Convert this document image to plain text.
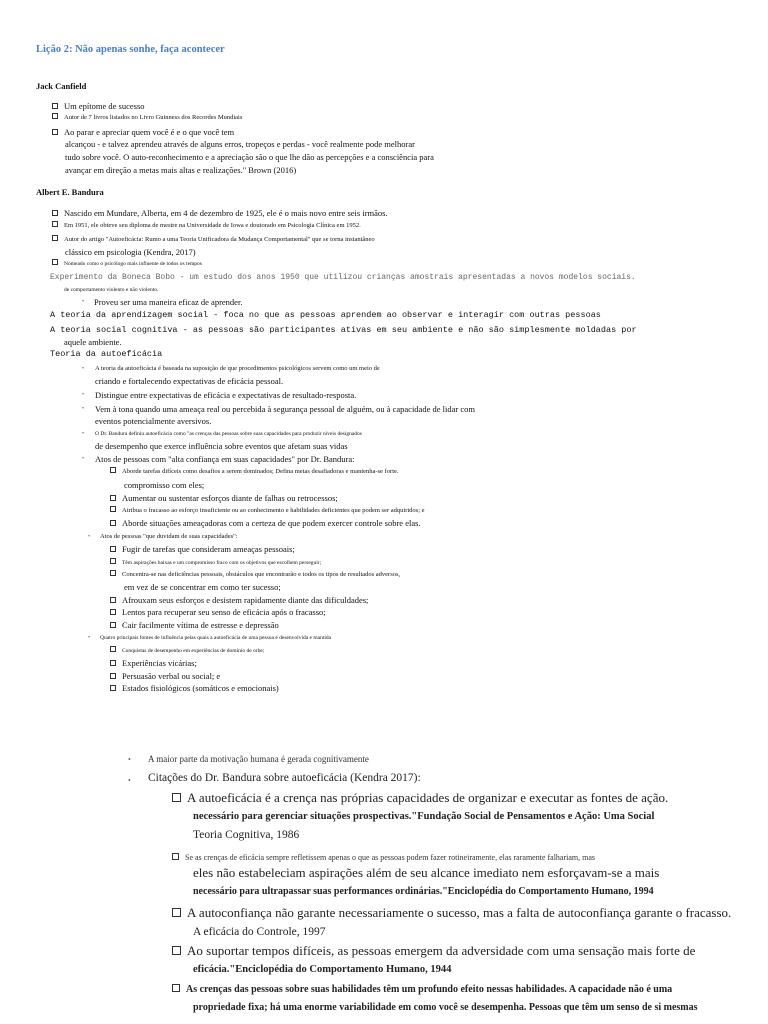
Lição 2: Não apenas sonhe, faça acontecer
Jack Canfield
Um epítome de sucesso
Autor de 7 livros listados no Livro Guinness dos Recordes Mundiais
Ao parar e apreciar quem você é e o que você tem
alcançou - e talvez aprendeu através de alguns erros, tropeços e perdas - você realmente pode melhorar
tudo sobre você. O auto-reconhecimento e a apreciação são o que lhe dão as percepções e a consciência para
avançar em direção a metas mais altas e realizações." Brown (2016)
Albert E. Bandura
Nascido em Mundare, Alberta, em 4 de dezembro de 1925, ele é o mais novo entre seis irmãos.
Em 1951, ele obteve seu diploma de mestre na Universidade de Iowa e doutorado em Psicologia Clínica em 1952.
Autor do artigo "Autoeficácia: Rumo a uma Teoria Unificadora da Mudança Comportamental" que se torna instantâneo
clássico em psicologia (Kendra, 2017)
Nomeado como o psicólogo mais influente de todos os tempos
Experimento da Boneca Bobo - um estudo dos anos 1950 que utilizou crianças amostrais apresentadas a novos modelos sociais.
de comportamento violento e não violento.
• Proveu ser uma maneira eficaz de aprender.
A teoria da aprendizagem social - foca no que as pessoas aprendem ao observar e interagir com outras pessoas
A teoria social cognitiva - as pessoas são participantes ativas em seu ambiente e não são simplesmente moldadas por
aquele ambiente.
Teoria da autoeficácia
• A teoria da autoeficácia é baseada na suposição de que procedimentos psicológicos servem como um meio de
criando e fortalecendo expectativas de eficácia pessoal.
• Distingue entre expectativas de eficácia e expectativas de resultado-resposta.
• Vem à tona quando uma ameaça real ou percebida à segurança pessoal de alguém, ou à capacidade de lidar com
eventos potencialmente aversivos.
• O Dr. Bandura definiu autoeficácia como "as crenças das pessoas sobre suas capacidades para produzir níveis designados
de desempenho que exerce influência sobre eventos que afetam suas vidas
• Atos de pessoas com "alta confiança em suas capacidades" por Dr. Bandura:
Aborde tarefas difíceis como desafios a serem dominados; Defina metas desafiadoras e mantenha-se forte.
compromisso com eles;
Aumentar ou sustentar esforços diante de falhas ou retrocessos;
Atribua o fracasso ao esforço insuficiente ou ao conhecimento e habilidades deficientes que podem ser adquiridos; e
Aborde situações ameaçadoras com a certeza de que podem exercer controle sobre elas.
• Atos de pessoas "que duvidam de suas capacidades":
Fugir de tarefas que consideram ameaças pessoais;
Têm aspirações baixas e um compromisso fraco com os objetivos que escolhem perseguir;
Concentra-se nas deficiências pessoais, obstáculos que encontrarão e todos os tipos de resultados adversos,
em vez de se concentrar em como ter sucesso;
Afrouxam seus esforços e desistem rapidamente diante das dificuldades;
Lentos para recuperar seu senso de eficácia após o fracasso;
Cair facilmente vítima de estresse e depressão
• Quatro principais fontes de influência pelas quais a autoeficácia de uma pessoa é desenvolvida e mantida
Conquistas de desempenho em experiências de domínio de orbe;
Experiências vicárias;
Persuasão verbal ou social; e
Estados fisiológicos (somáticos e emocionais)
• A maior parte da motivação humana é gerada cognitivamente
• Citações do Dr. Bandura sobre autoeficácia (Kendra 2017):
A autoeficácia é a crença nas próprias capacidades de organizar e executar as fontes de ação.
necessário para gerenciar situações prospectivas."Fundação Social de Pensamentos e Ação: Uma Social
Teoria Cognitiva, 1986
Se as crenças de eficácia sempre refletissem apenas o que as pessoas podem fazer rotineiramente, elas raramente falhariam, mas
eles não estabeleciam aspirações além de seu alcance imediato nem esforçavam-se a mais
necessário para ultrapassar suas performances ordinárias."Enciclopédia do Comportamento Humano, 1994
A autoconfiança não garante necessariamente o sucesso, mas a falta de autoconfiança garante o fracasso.
A eficácia do Controle, 1997
Ao suportar tempos difíceis, as pessoas emergem da adversidade com uma sensação mais forte de
eficácia."Enciclopédia do Comportamento Humano, 1944
As crenças das pessoas sobre suas habilidades têm um profundo efeito nessas habilidades. A capacidade não é uma
propriedade fixa; há uma enorme variabilidade em como você se desempenha. Pessoas que têm um senso de si mesmas
